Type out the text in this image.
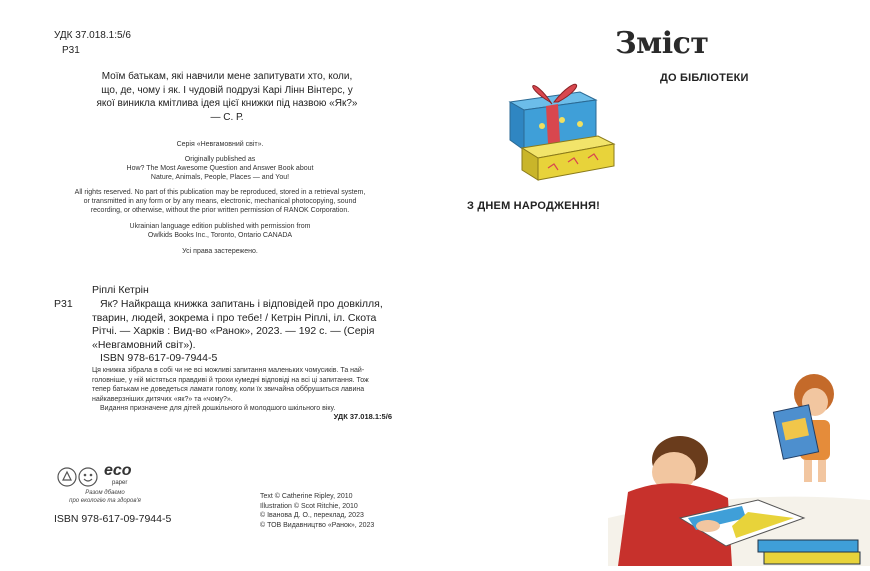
УДК 37.018.1:5/6
Р31
Моїм батькам, які навчили мене запитувати хто, коли, що, де, чому і як. І чудовій подрузі Карі Лінн Вінтерс, у якої виникла кмітлива ідея цієї книжки під назвою «Як?» — С. Р.
Серія «Невгамовний світ».
Originally published as
How? The Most Awesome Question and Answer Book about
Nature, Animals, People, Places — and You!
All rights reserved. No part of this publication may be reproduced, stored in a retrieval system,
or transmitted in any form or by any means, electronic, mechanical photocopying, sound
recording, or otherwise, without the prior written permission of RANOK Corporation.
Ukrainian language edition published with permission from
Owlkids Books Inc., Toronto, Ontario CANADA
Усі права застережено.
Ріплі Кетрін
Р31	Як? Найкраща книжка запитань і відповідей про довкілля, тварин, людей, зокрема і про тебе! / Кетрін Ріплі, іл. Скота Рітчі. — Харків : Вид-во «Ранок», 2023. — 192 с. — (Серія «Невгамовний світ»).
ISBN 978-617-09-7944-5
Ця книжка зібрала в собі чи не всі можливі запитання маленьких чомусиків. Та най-
головніше, у ній містяться правдиві й трохи кумедні відповіді на всі ці запитання. Тож
тепер батькам не доведеться ламати голову, коли їх звичайна оббрушиться лавина
найкаверзніших дитячих «як?» та «чому?».
Видання призначене для дітей дошкільного й молодшого шкільного віку.
УДК 37.018.1:5/6
eco
paper
Разом дбаємо
про екологію та здоров'я
Text © Catherine Ripley, 2010
Illustration © Scot Ritchie, 2010
© Іванова Д. О., переклад, 2023
© ТОВ Видавництво «Ранок», 2023
ISBN 978-617-09-7944-5
Зміст
З ДНЕМ НАРОДЖЕННЯ!
ДО БІБЛІОТЕКИ
